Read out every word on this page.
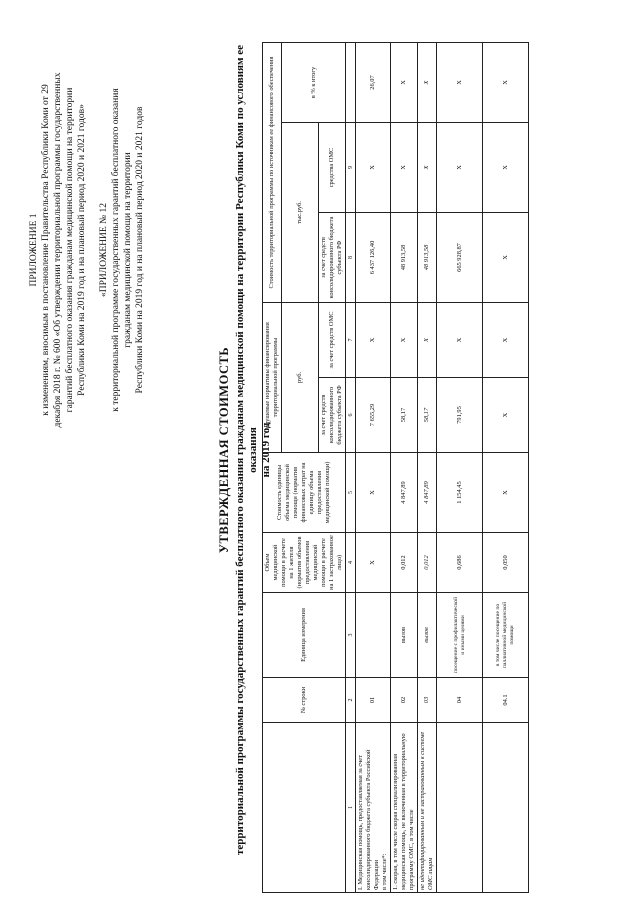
ПРИЛОЖЕНИЕ 1 к изменениям, вносимым в постановление Правительства Республики Коми от 29 декабря 2018 г. № 600 «Об утверждении территориальной программы государственных гарантий бесплатного оказания гражданам медицинской помощи на территории Республики Коми на 2019 год и на плановый период 2020 и 2021 годов» «ПРИЛОЖЕНИЕ № 12 к территориальной программе государственных гарантий бесплатного оказания гражданам медицинской помощи на территории Республики Коми на 2019 год и на плановый период 2020 и 2021 годов

УТВЕРЖДЕННАЯ СТОИМОСТЬ территориальной программы государственных гарантий бесплатного оказания гражданам медицинской помощи на территории Республики Коми по условиям ее оказания на 2019 год
	№ строки	Единица измерения	Объем медицинской помощи в расчете на 1 жителя (норматив объемов предоставления медицинской помощи в расчете на 1 застрахованное лицо)	Стоимость единицы объема медицинской помощи (норматив финансовых затрат на единицу объема предоставления медицинской помощи)	Подушевые нормативы финансирования территориальной программы		Стоимость территориальной программы по источникам ее финансового обеспечения		
					руб.		тыс.руб.		в % к итогу
					за счет средств консолидированного бюджета субъекта РФ	за счет средств ОМС	за счет средств консолидированного бюджета субъекта РФ	средства ОМС	
1	2	3	4	5	6	7	8	9	

I. Медицинская помощь, предоставляемая за счет консолидированного бюджета субъекта Российской Федерации в том числе*:	01		X	X	7 655,29	X	6 437 126,40	X	26,07
1. скорая, в том числе скорая специализированная медицинская помощь, не включенная в территориальную программу ОМС, в том числе	02	вызов	0,012	4 847,89	58,17	X	48 913,58	X	X
не идентифицированным и не застрахованным в системе ОМС лицам	03	вызов	0,012	4 847,89	58,17	X	48 913,58	X	X
	04	посещение с профилактической и иными целями	0,686	1 154,45	791,95	X	665 928,87	X	X
	04.1	в том числе посещение по паллиативной медицинской помощи	0,050	X	X	X	X	X	X
